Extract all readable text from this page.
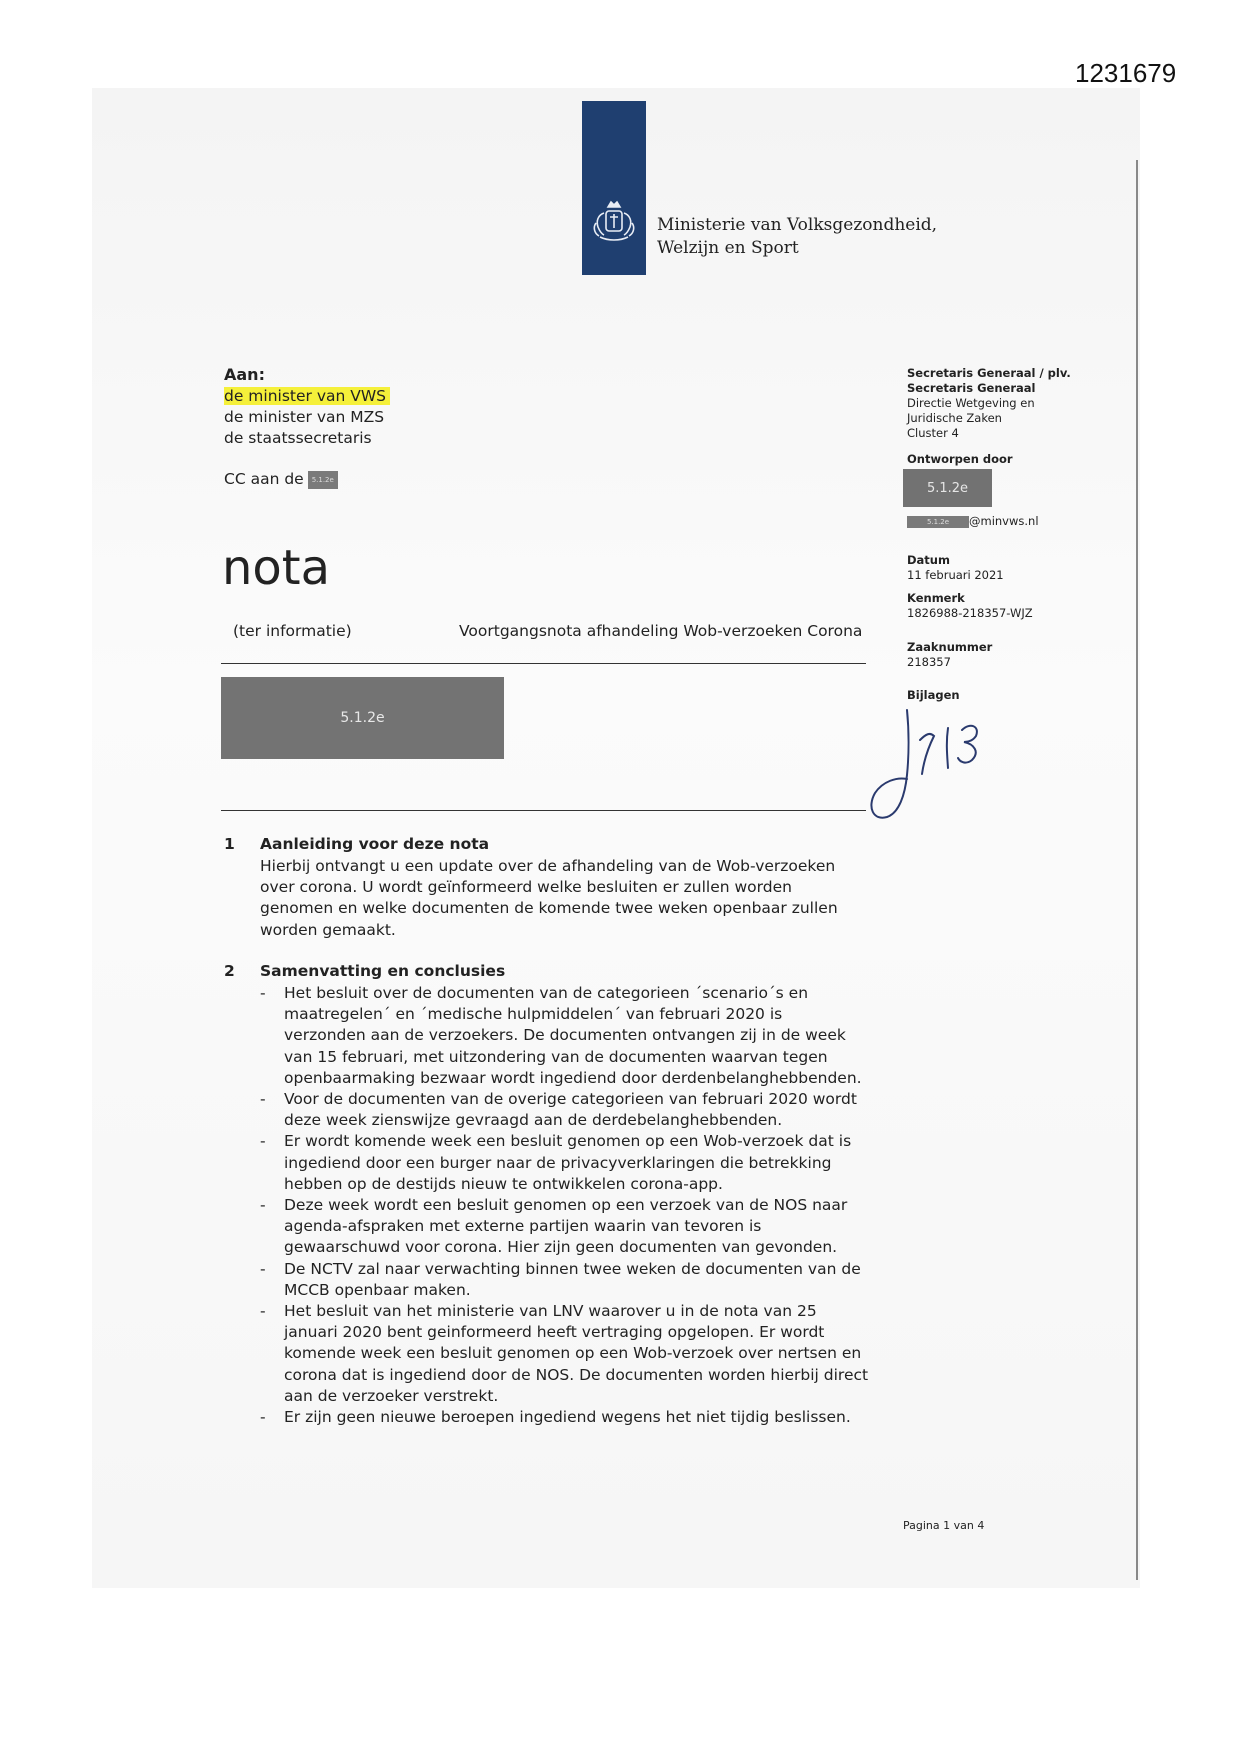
1231679
Ministerie van Volksgezondheid,
Welzijn en Sport
Aan:
de minister van VWS
de minister van MZS
de staatssecretaris
CC aan de 5.1.2e
nota
(ter informatie)	Voortgangsnota afhandeling Wob-verzoeken Corona
5.1.2e
Secretaris Generaal / plv.
Secretaris Generaal
Directie Wetgeving en
Juridische Zaken
Cluster 4
Ontworpen door
5.1.2e
5.1.2e @minvws.nl
Datum
11 februari 2021
Kenmerk
1826988-218357-WJZ
Zaaknummer
218357
Bijlagen
1 Aanleiding voor deze nota
Hierbij ontvangt u een update over de afhandeling van de Wob-verzoeken
over corona. U wordt geïnformeerd welke besluiten er zullen worden
genomen en welke documenten de komende twee weken openbaar zullen
worden gemaakt.
2 Samenvatting en conclusies
- Het besluit over de documenten van de categorieen ´scenario´s en
maatregelen´ en ´medische hulpmiddelen´ van februari 2020 is
verzonden aan de verzoekers. De documenten ontvangen zij in de week
van 15 februari, met uitzondering van de documenten waarvan tegen
openbaarmaking bezwaar wordt ingediend door derdenbelanghebbenden.
- Voor de documenten van de overige categorieen van februari 2020 wordt
deze week zienswijze gevraagd aan de derdebelanghebbenden.
- Er wordt komende week een besluit genomen op een Wob-verzoek dat is
ingediend door een burger naar de privacyverklaringen die betrekking
hebben op de destijds nieuw te ontwikkelen corona-app.
- Deze week wordt een besluit genomen op een verzoek van de NOS naar
agenda-afspraken met externe partijen waarin van tevoren is
gewaarschuwd voor corona. Hier zijn geen documenten van gevonden.
- De NCTV zal naar verwachting binnen twee weken de documenten van de
MCCB openbaar maken.
- Het besluit van het ministerie van LNV waarover u in de nota van 25
januari 2020 bent geinformeerd heeft vertraging opgelopen. Er wordt
komende week een besluit genomen op een Wob-verzoek over nertsen en
corona dat is ingediend door de NOS. De documenten worden hierbij direct
aan de verzoeker verstrekt.
- Er zijn geen nieuwe beroepen ingediend wegens het niet tijdig beslissen.
Pagina 1 van 4
